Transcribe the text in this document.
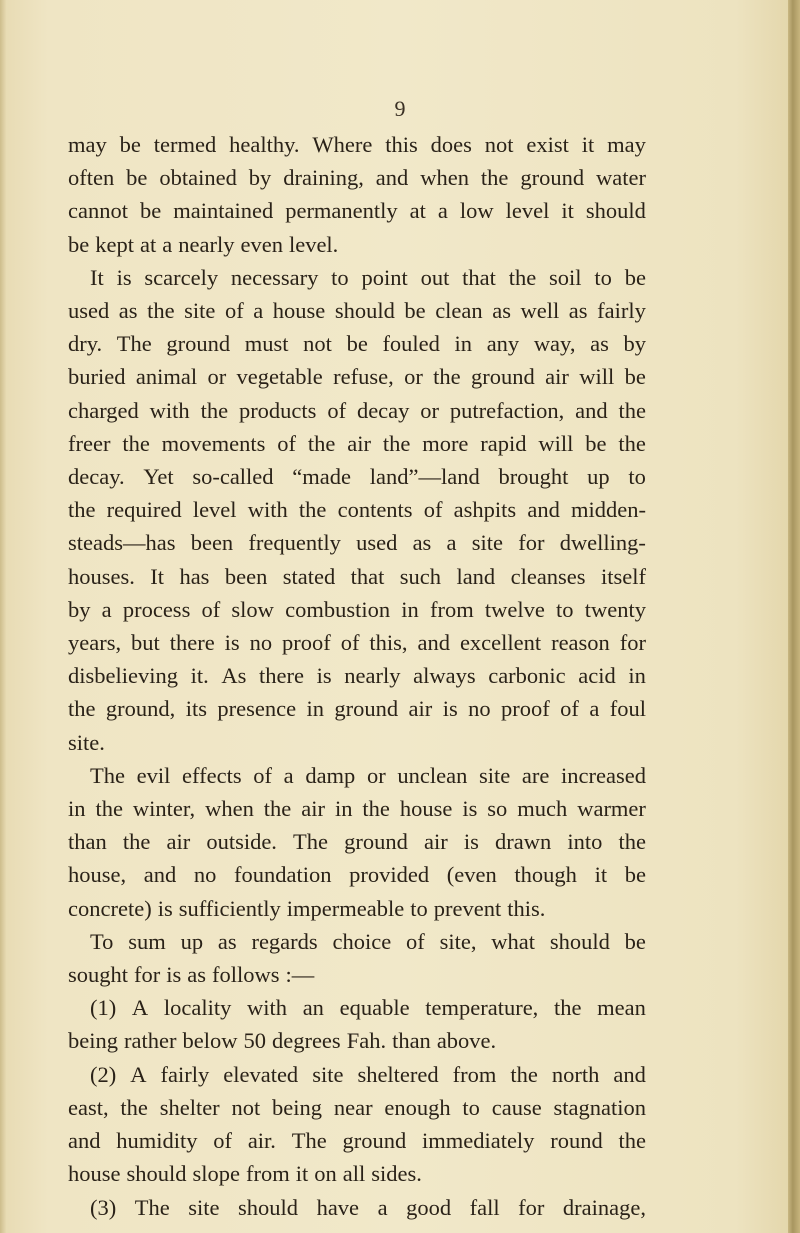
9
may be termed healthy. Where this does not exist it may
often be obtained by draining, and when the ground water
cannot be maintained permanently at a low level it should
be kept at a nearly even level.
It is scarcely necessary to point out that the soil to be
used as the site of a house should be clean as well as fairly
dry. The ground must not be fouled in any way, as by
buried animal or vegetable refuse, or the ground air will be
charged with the products of decay or putrefaction, and the
freer the movements of the air the more rapid will be the
decay. Yet so-called “made land”—land brought up to
the required level with the contents of ashpits and midden-
steads—has been frequently used as a site for dwelling-
houses. It has been stated that such land cleanses itself
by a process of slow combustion in from twelve to twenty
years, but there is no proof of this, and excellent reason for
disbelieving it. As there is nearly always carbonic acid in
the ground, its presence in ground air is no proof of a foul
site.
The evil effects of a damp or unclean site are increased
in the winter, when the air in the house is so much warmer
than the air outside. The ground air is drawn into the
house, and no foundation provided (even though it be
concrete) is sufficiently impermeable to prevent this.
To sum up as regards choice of site, what should be
sought for is as follows :—
(1) A locality with an equable temperature, the mean
being rather below 50 degrees Fah. than above.
(2) A fairly elevated site sheltered from the north and
east, the shelter not being near enough to cause stagnation
and humidity of air. The ground immediately round the
house should slope from it on all sides.
(3) The site should have a good fall for drainage,
